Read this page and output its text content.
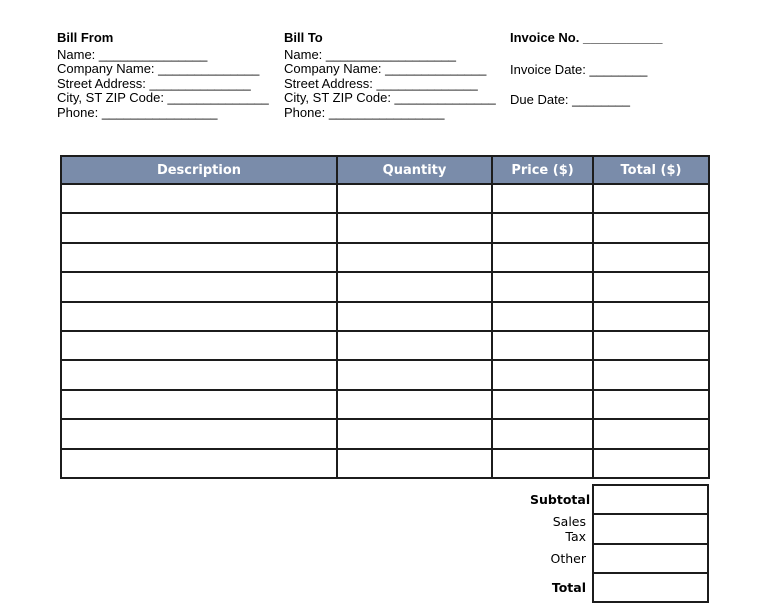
Bill From
Name: _______________
Company Name: ______________
Street Address: ______________
City, ST ZIP Code: ______________
Phone: ________________
Bill To
Name: __________________
Company Name: ______________
Street Address: ______________
City, ST ZIP Code: ______________
Phone: ________________
Invoice No. ___________
Invoice Date: ________
Due Date: ________
Description	Quantity	Price ($)	Total ($)

Subtotal	
Sales Tax	
Other	
Total	
